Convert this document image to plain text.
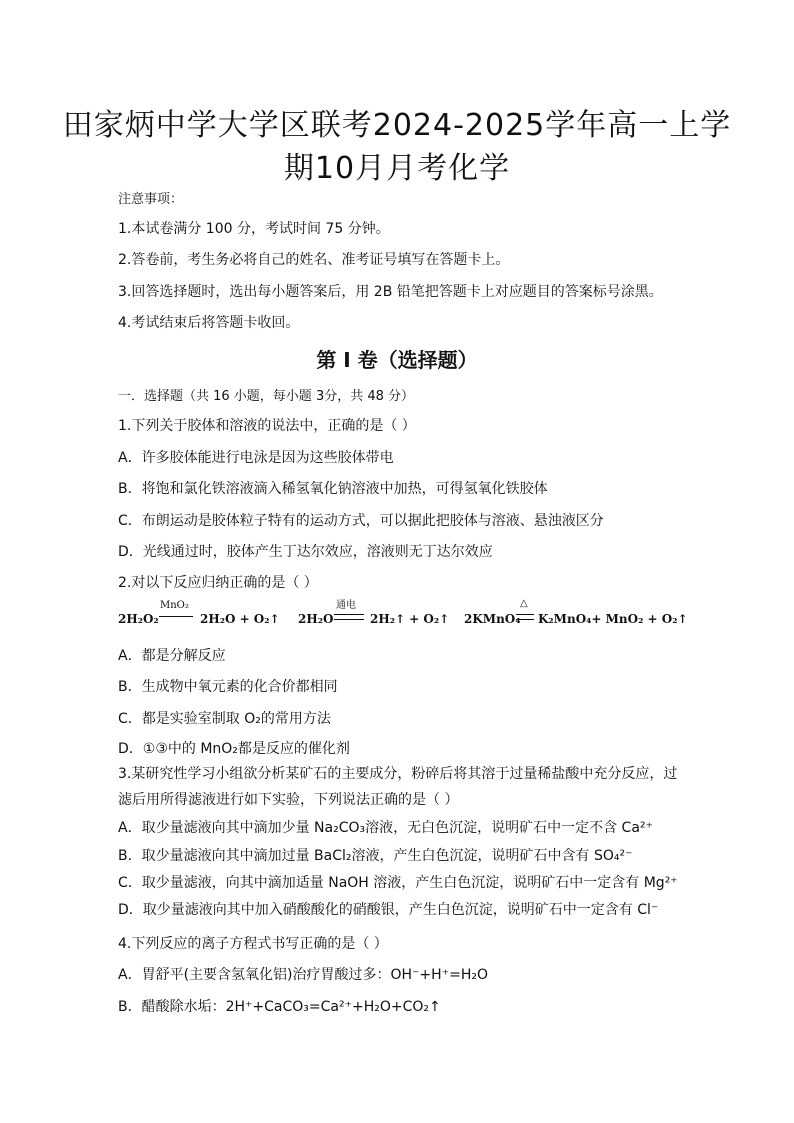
田家炳中学大学区联考2024-2025学年高一上学
期10月月考化学
注意事项：
1.本试卷满分 100 分，考试时间 75 分钟。
2.答卷前，考生务必将自己的姓名、准考证号填写在答题卡上。
3.回答选择题时，选出每小题答案后，用 2B 铅笔把答题卡上对应题目的答案标号涂黑。
4.考试结束后将答题卡收回。
第 I 卷（选择题）
一．选择题（共 16 小题，每小题 3分，共 48 分）
1.下列关于胶体和溶液的说法中，正确的是（ ）
A．许多胶体能进行电泳是因为这些胶体带电
B．将饱和氯化铁溶液滴入稀氢氧化钠溶液中加热，可得氢氧化铁胶体
C．布朗运动是胶体粒子特有的运动方式，可以据此把胶体与溶液、悬浊液区分
D．光线通过时，胶体产生丁达尔效应，溶液则无丁达尔效应
2.对以下反应归纳正确的是（ ）
2H₂O₂
MnO₂
2H₂O + O₂↑ 2H₂O
通电
2H₂↑ + O₂↑ 2KMnO₄
△
K₂MnO₄+ MnO₂ + O₂↑
A．都是分解反应
B．生成物中氧元素的化合价都相同
C．都是实验室制取 O₂的常用方法
D．①③中的 MnO₂都是反应的催化剂
3.某研究性学习小组欲分析某矿石的主要成分，粉碎后将其溶于过量稀盐酸中充分反应，过
滤后用所得滤液进行如下实验，下列说法正确的是（ ）
A．取少量滤液向其中滴加少量 Na₂CO₃溶液，无白色沉淀，说明矿石中一定不含 Ca²⁺
B．取少量滤液向其中滴加过量 BaCl₂溶液，产生白色沉淀，说明矿石中含有 SO₄²⁻
C．取少量滤液，向其中滴加适量 NaOH 溶液，产生白色沉淀，说明矿石中一定含有 Mg²⁺
D．取少量滤液向其中加入硝酸酸化的硝酸银，产生白色沉淀，说明矿石中一定含有 Cl⁻
4.下列反应的离子方程式书写正确的是（ ）
A．胃舒平(主要含氢氧化铝)治疗胃酸过多：OH⁻+H⁺=H₂O
B．醋酸除水垢：2H⁺+CaCO₃=Ca²⁺+H₂O+CO₂↑
